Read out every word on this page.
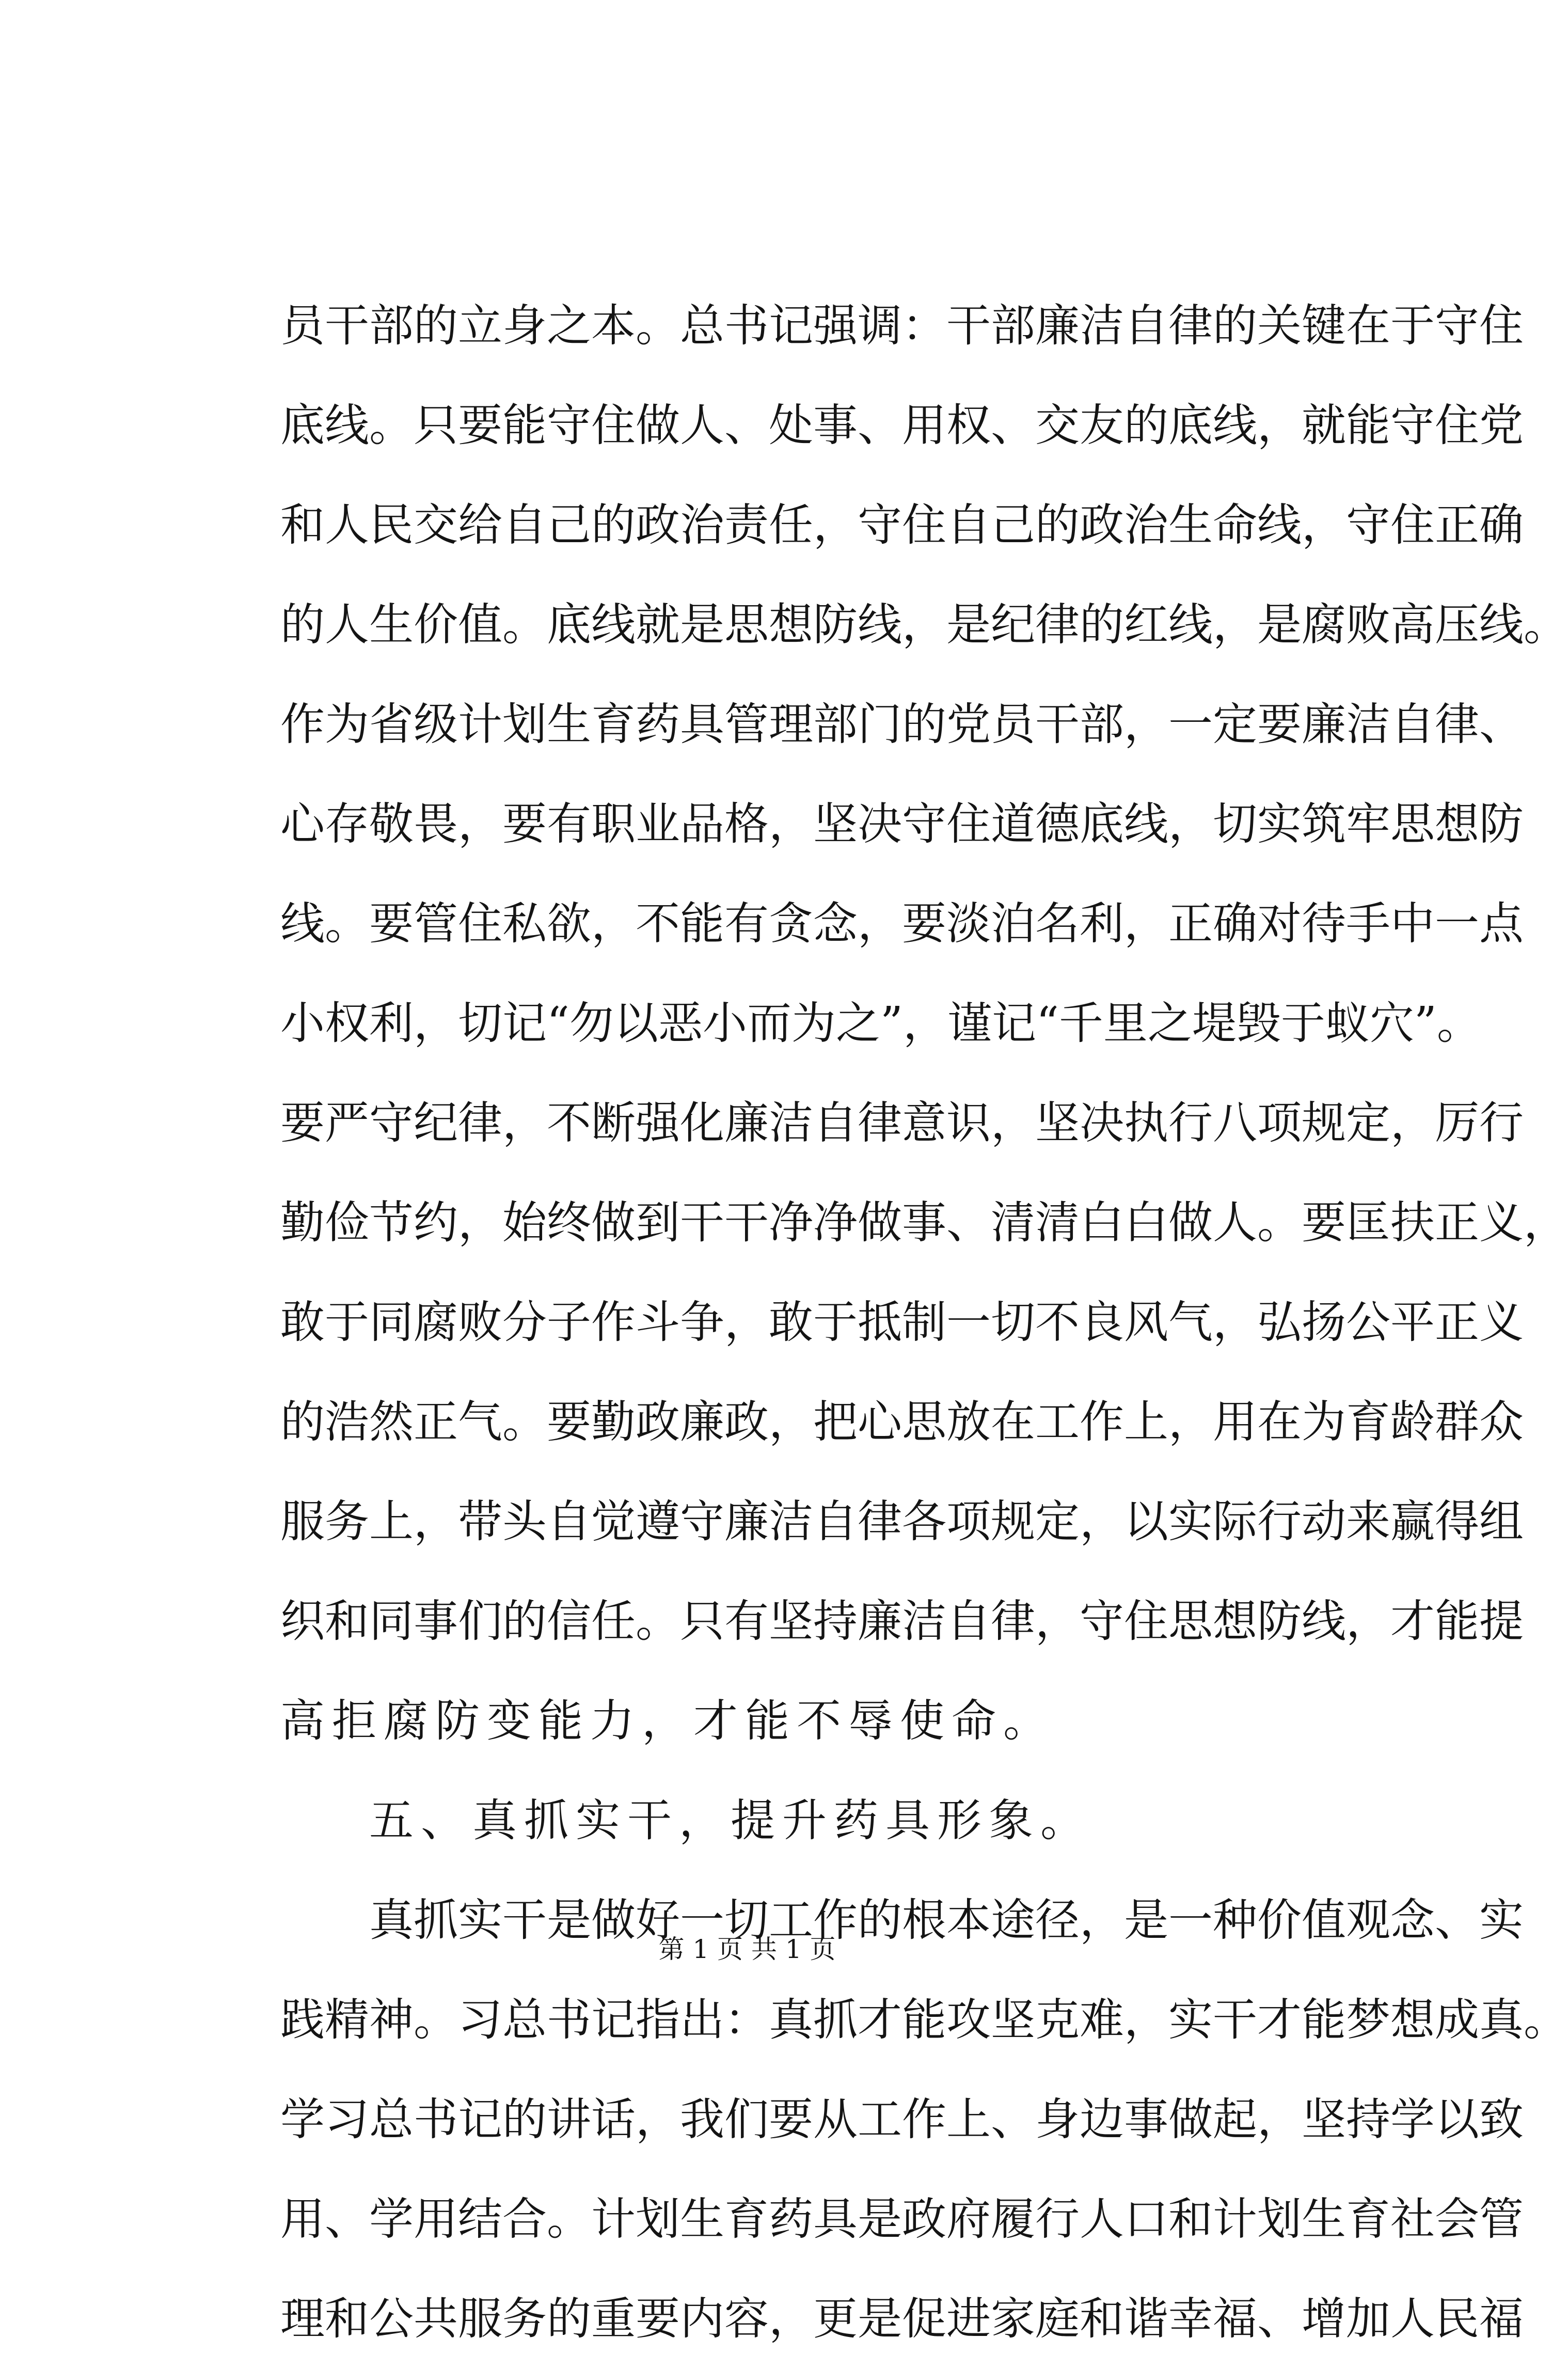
员 干 部 的 立 身 之 本 。 总 书 记 强 调 ： 干 部 廉 洁 自 律 的 关 键 在 于 守 住
底 线 。 只 要 能 守 住 做 人 、 处 事 、 用 权 、 交 友 的 底 线 ， 就 能 守 住 党
和 人 民 交 给 自 己 的 政 治 责 任 ， 守 住 自 己 的 政 治 生 命 线 ， 守 住 正 确
的 人 生 价 值 。 底 线 就 是 思 想 防 线 ， 是 纪 律 的 红 线 ， 是 腐 败 高 压 线 。
作 为 省 级 计 划 生 育 药 具 管 理 部 门 的 党 员 干 部 ， 一 定 要 廉 洁 自 律 、
心 存 敬 畏 ， 要 有 职 业 品 格 ， 坚 决 守 住 道 德 底 线 ， 切 实 筑 牢 思 想 防
线 。 要 管 住 私 欲 ， 不 能 有 贪 念 ， 要 淡 泊 名 利 ， 正 确 对 待 手 中 一 点
小 权 利 ， 切 记 “ 勿 以 恶 小 而 为 之 ” ， 谨 记 “ 千 里 之 堤 毁 于 蚁 穴 ” 。
要 严 守 纪 律 ， 不 断 强 化 廉 洁 自 律 意 识 ， 坚 决 执 行 八 项 规 定 ， 厉 行
勤 俭 节 约 ， 始 终 做 到 干 干 净 净 做 事 、 清 清 白 白 做 人 。 要 匡 扶 正 义 ，
敢 于 同 腐 败 分 子 作 斗 争 ， 敢 于 抵 制 一 切 不 良 风 气 ， 弘 扬 公 平 正 义
的 浩 然 正 气 。 要 勤 政 廉 政 ， 把 心 思 放 在 工 作 上 ， 用 在 为 育 龄 群 众
服 务 上 ， 带 头 自 觉 遵 守 廉 洁 自 律 各 项 规 定 ， 以 实 际 行 动 来 赢 得 组
织 和 同 事 们 的 信 任 。 只 有 坚 持 廉 洁 自 律 ， 守 住 思 想 防 线 ， 才 能 提
高拒腐防变能力，才能不辱使命。
五、真抓实干，提升药具形象。
真 抓 实 干 是 做 好 一 切 工 作 的 根 本 途 径 ， 是 一 种 价 值 观 念 、 实
践 精 神 。 习 总 书 记 指 出 ： 真 抓 才 能 攻 坚 克 难 ， 实 干 才 能 梦 想 成 真 。
学 习 总 书 记 的 讲 话 ， 我 们 要 从 工 作 上 、 身 边 事 做 起 ， 坚 持 学 以 致
用 、 学 用 结 合 。 计 划 生 育 药 具 是 政 府 履 行 人 口 和 计 划 生 育 社 会 管
理 和 公 共 服 务 的 重 要 内 容 ， 更 是 促 进 家 庭 和 谐 幸 福 、 增 加 人 民 福
第 1 页 共 1 页
